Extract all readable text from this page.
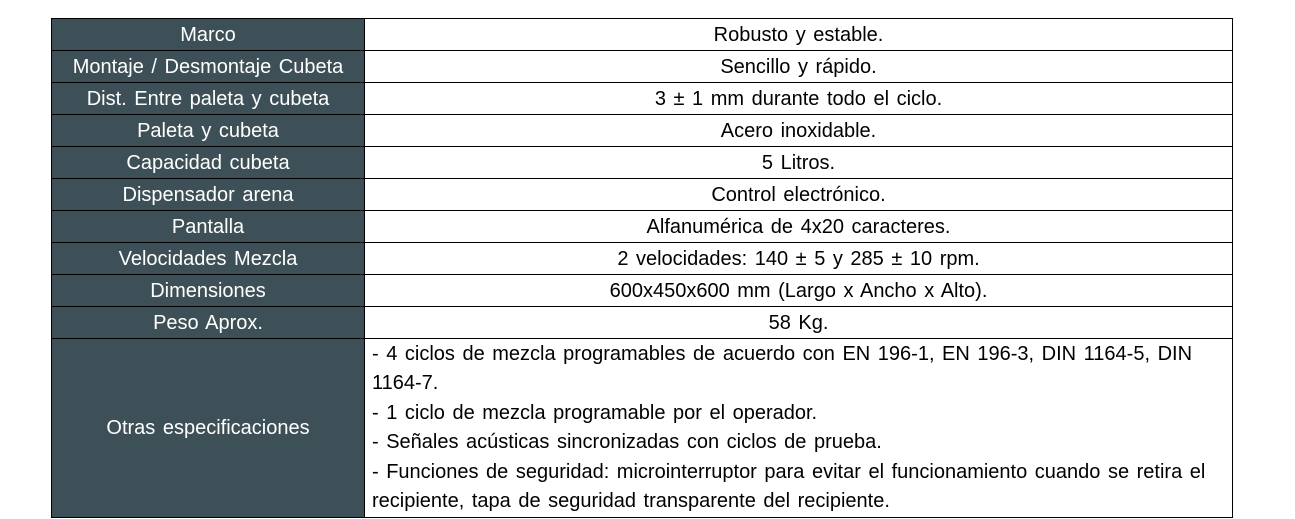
Marco	Robusto y estable.
Montaje / Desmontaje Cubeta	Sencillo y rápido.
Dist. Entre paleta y cubeta	3 ± 1 mm durante todo el ciclo.
Paleta y cubeta	Acero inoxidable.
Capacidad cubeta	5 Litros.
Dispensador arena	Control electrónico.
Pantalla	Alfanumérica de 4x20 caracteres.
Velocidades Mezcla	2 velocidades: 140 ± 5 y 285 ± 10 rpm.
Dimensiones	600x450x600 mm (Largo x Ancho x Alto).
Peso Aprox.	58 Kg.
Otras especificaciones	- 4 ciclos de mezcla programables de acuerdo con EN 196-1, EN 196-3, DIN 1164-5, DIN 1164-7.
- 1 ciclo de mezcla programable por el operador.
- Señales acústicas sincronizadas con ciclos de prueba.
- Funciones de seguridad: microinterruptor para evitar el funcionamiento cuando se retira el recipiente, tapa de seguridad transparente del recipiente.
